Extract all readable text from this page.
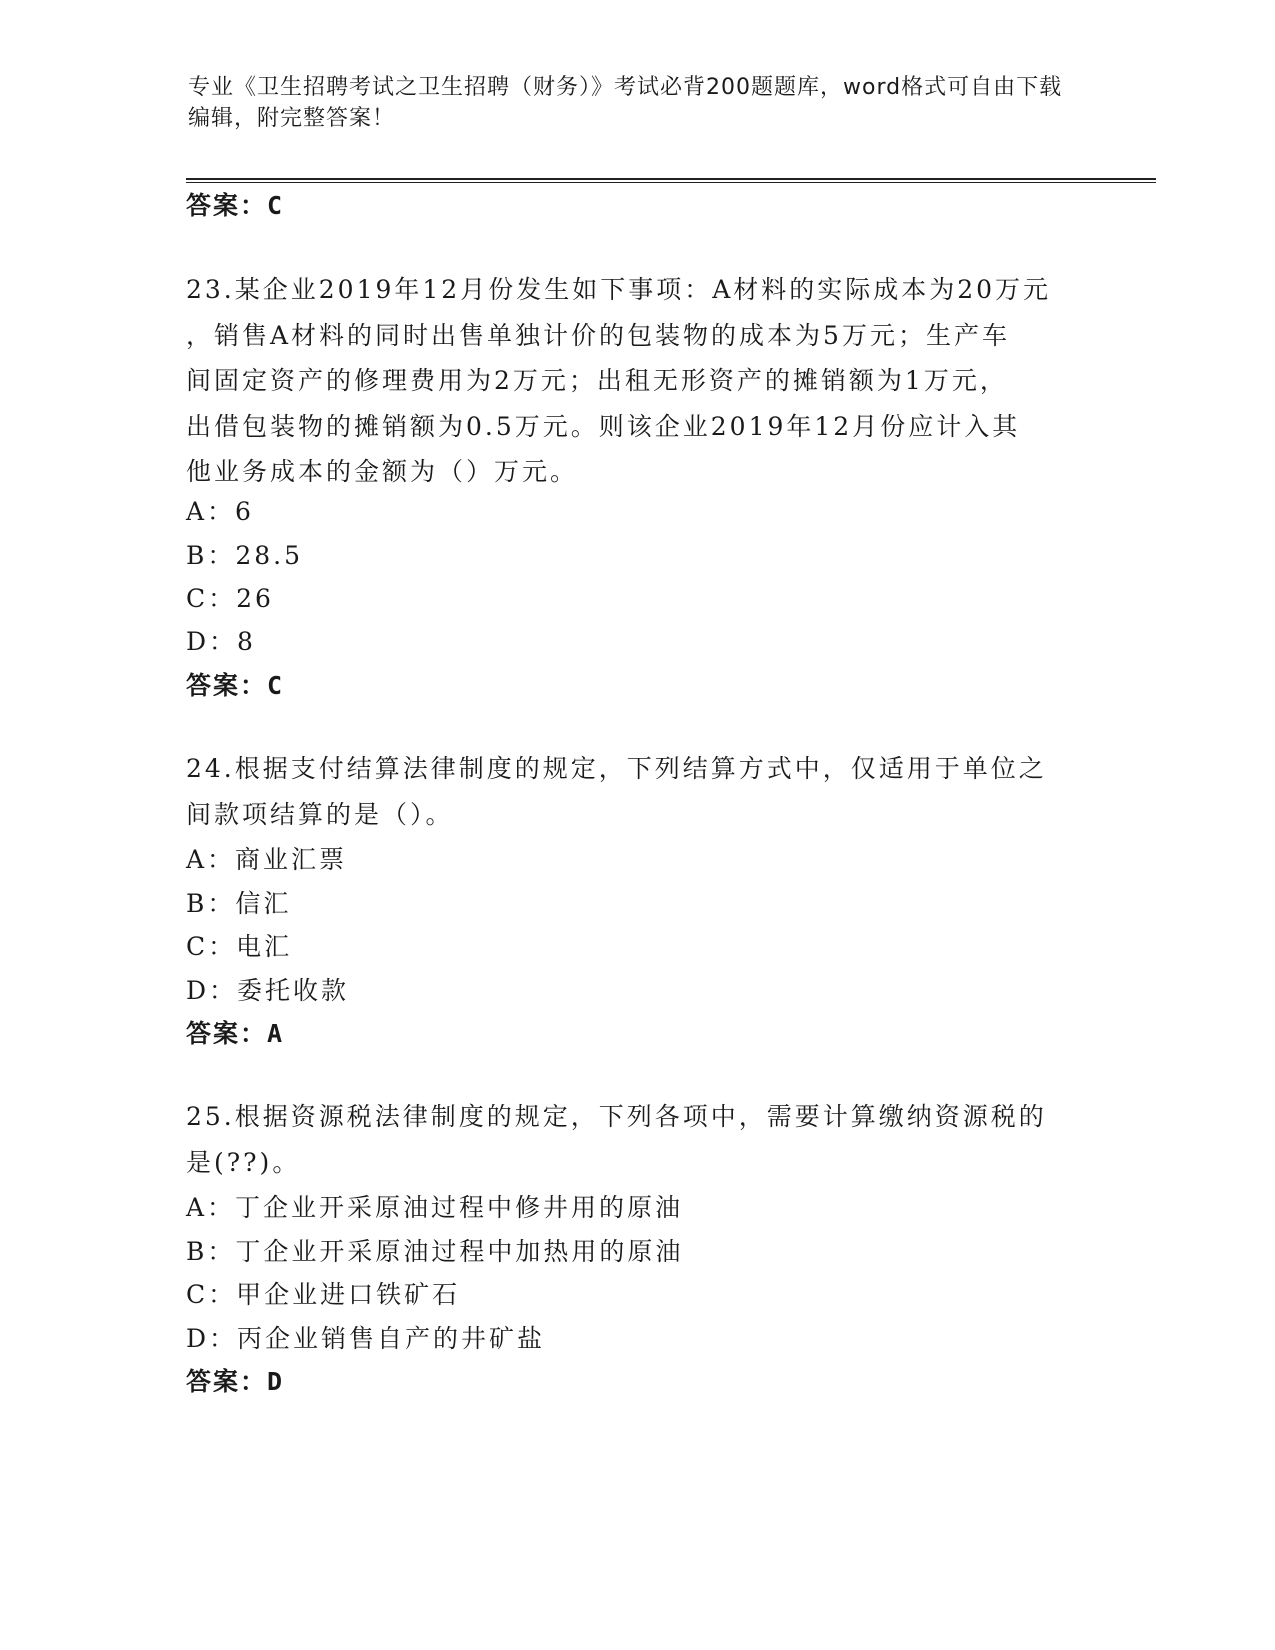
专业《卫生招聘考试之卫生招聘（财务）》考试必背200题题库，word格式可自由下载编辑，附完整答案！
答案：C
23.某企业2019年12月份发生如下事项：A材料的实际成本为20万元
，销售A材料的同时出售单独计价的包装物的成本为5万元；生产车
间固定资产的修理费用为2万元；出租无形资产的摊销额为1万元，
出借包装物的摊销额为0.5万元。则该企业2019年12月份应计入其
他业务成本的金额为（）万元。
A：6
B：28.5
C：26
D：8
答案：C
24.根据支付结算法律制度的规定，下列结算方式中，仅适用于单位之
间款项结算的是（）。
A：商业汇票
B：信汇
C：电汇
D：委托收款
答案：A
25.根据资源税法律制度的规定，下列各项中，需要计算缴纳资源税的
是(??)。
A：丁企业开采原油过程中修井用的原油
B：丁企业开采原油过程中加热用的原油
C：甲企业进口铁矿石
D：丙企业销售自产的井矿盐
答案：D
